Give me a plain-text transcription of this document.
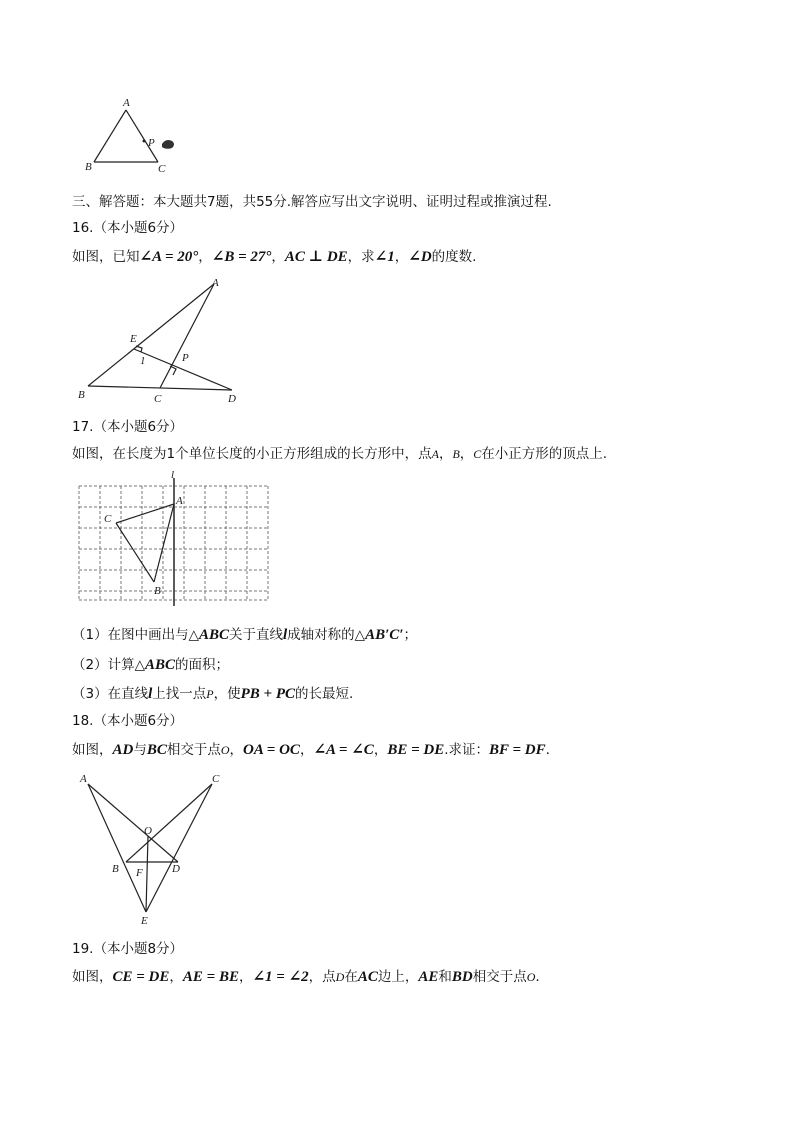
A
B	C
P
三、解答题：本大题共7题，共55分.解答应写出文字说明、证明过程或推演过程.
16.（本小题6分）
如图，已知∠A = 20°，∠B = 27°，AC ⊥ DE，求∠1，∠D的度数.
A
E
1	P
B	C	D
17.（本小题6分）
如图，在长度为1个单位长度的小正方形组成的长方形中，点A，B，C在小正方形的顶点上.
l
A
B
C
（1）在图中画出与△ABC关于直线l成轴对称的△AB′C′；
（2）计算△ABC的面积；
（3）在直线l上找一点P，使PB + PC的长最短.
18.（本小题6分）
如图，AD与BC相交于点O，OA = OC，∠A = ∠C，BE = DE.求证：BF = DF.
A	C
O
B F	D
E
19.（本小题8分）
如图，CE = DE，AE = BE，∠1 = ∠2，点D在AC边上，AE和BD相交于点O.
